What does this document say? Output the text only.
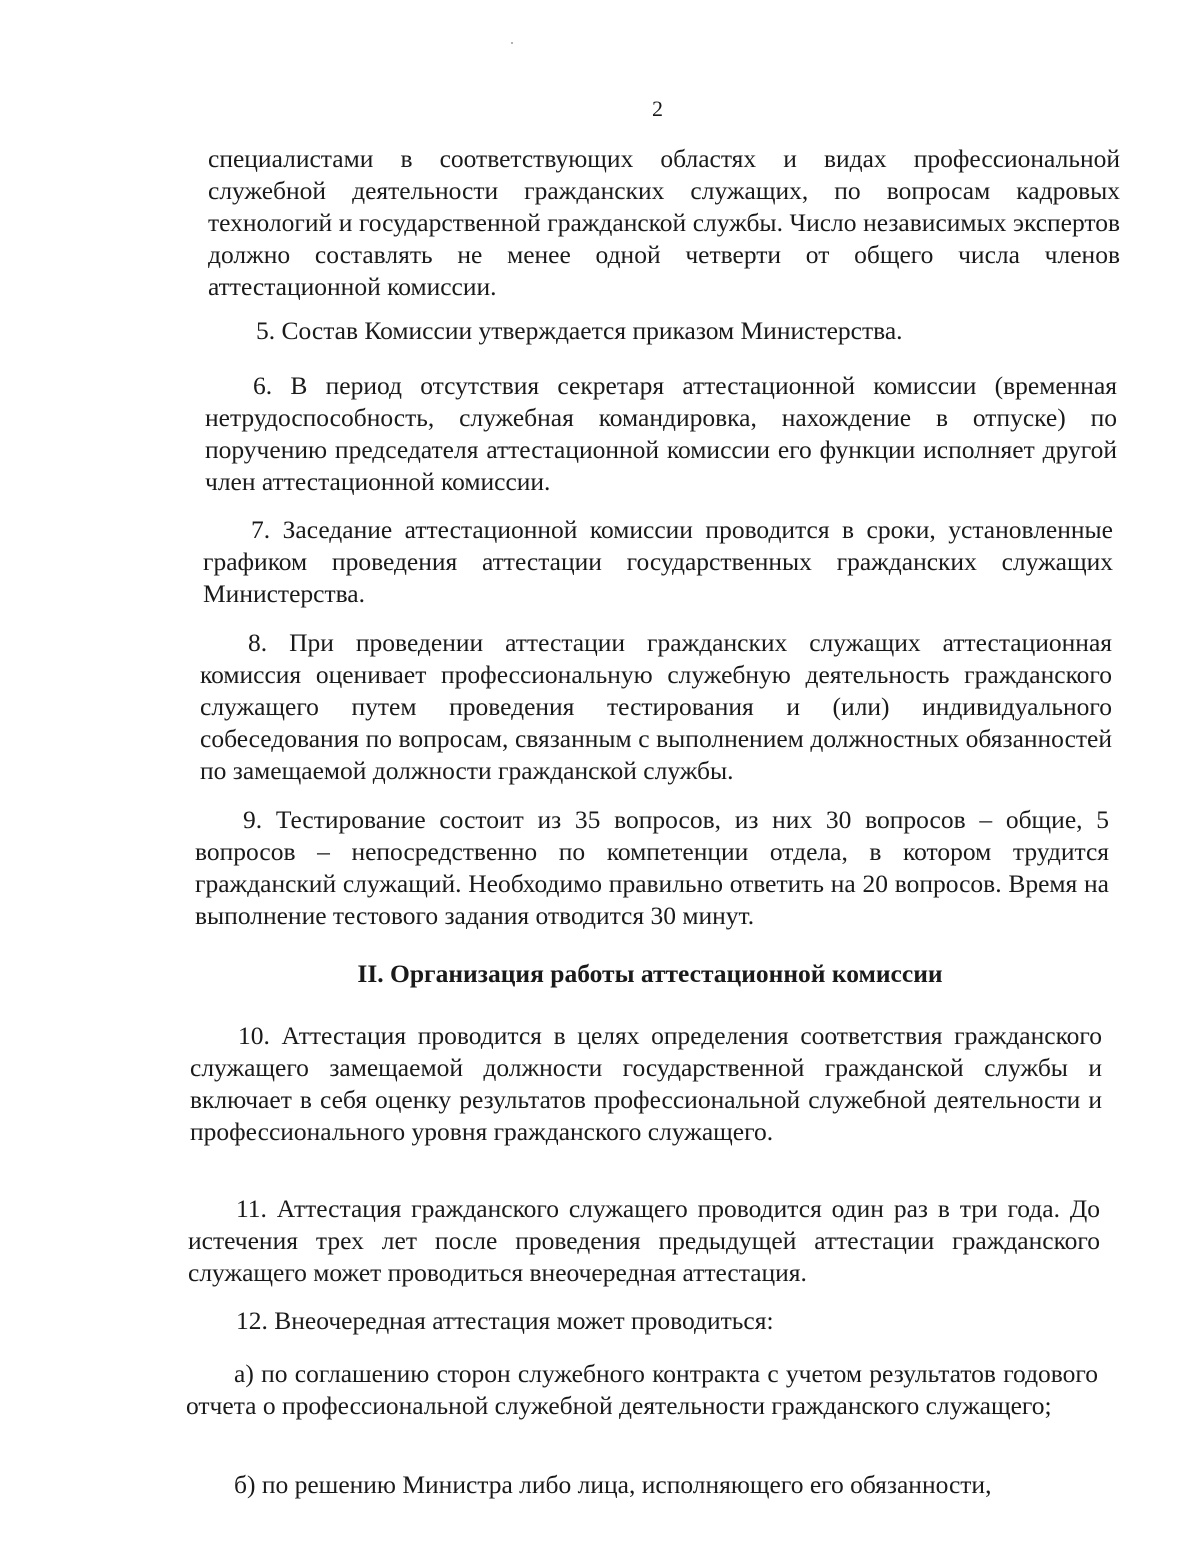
2
специалистами в соответствующих областях и видах профессиональной служебной деятельности гражданских служащих, по вопросам кадровых технологий и государственной гражданской службы. Число независимых экспертов должно составлять не менее одной четверти от общего числа членов аттестационной комиссии.
5. Состав Комиссии утверждается приказом Министерства.
6. В период отсутствия секретаря аттестационной комиссии (временная нетрудоспособность, служебная командировка, нахождение в отпуске) по поручению председателя аттестационной комиссии его функции исполняет другой член аттестационной комиссии.
7. Заседание аттестационной комиссии проводится в сроки, установленные графиком проведения аттестации государственных гражданских служащих Министерства.
8. При проведении аттестации гражданских служащих аттестационная комиссия оценивает профессиональную служебную деятельность гражданского служащего путем проведения тестирования и (или) индивидуального собеседования по вопросам, связанным с выполнением должностных обязанностей по замещаемой должности гражданской службы.
9. Тестирование состоит из 35 вопросов, из них 30 вопросов – общие, 5 вопросов – непосредственно по компетенции отдела, в котором трудится гражданский служащий. Необходимо правильно ответить на 20 вопросов. Время на выполнение тестового задания отводится 30 минут.
II. Организация работы аттестационной комиссии
10. Аттестация проводится в целях определения соответствия гражданского служащего замещаемой должности государственной гражданской службы и включает в себя оценку результатов профессиональной служебной деятельности и профессионального уровня гражданского служащего.
11. Аттестация гражданского служащего проводится один раз в три года. До истечения трех лет после проведения предыдущей аттестации гражданского служащего может проводиться внеочередная аттестация.
12. Внеочередная аттестация может проводиться:
а) по соглашению сторон служебного контракта с учетом результатов годового отчета о профессиональной служебной деятельности гражданского служащего;
б) по решению Министра либо лица, исполняющего его обязанности,
